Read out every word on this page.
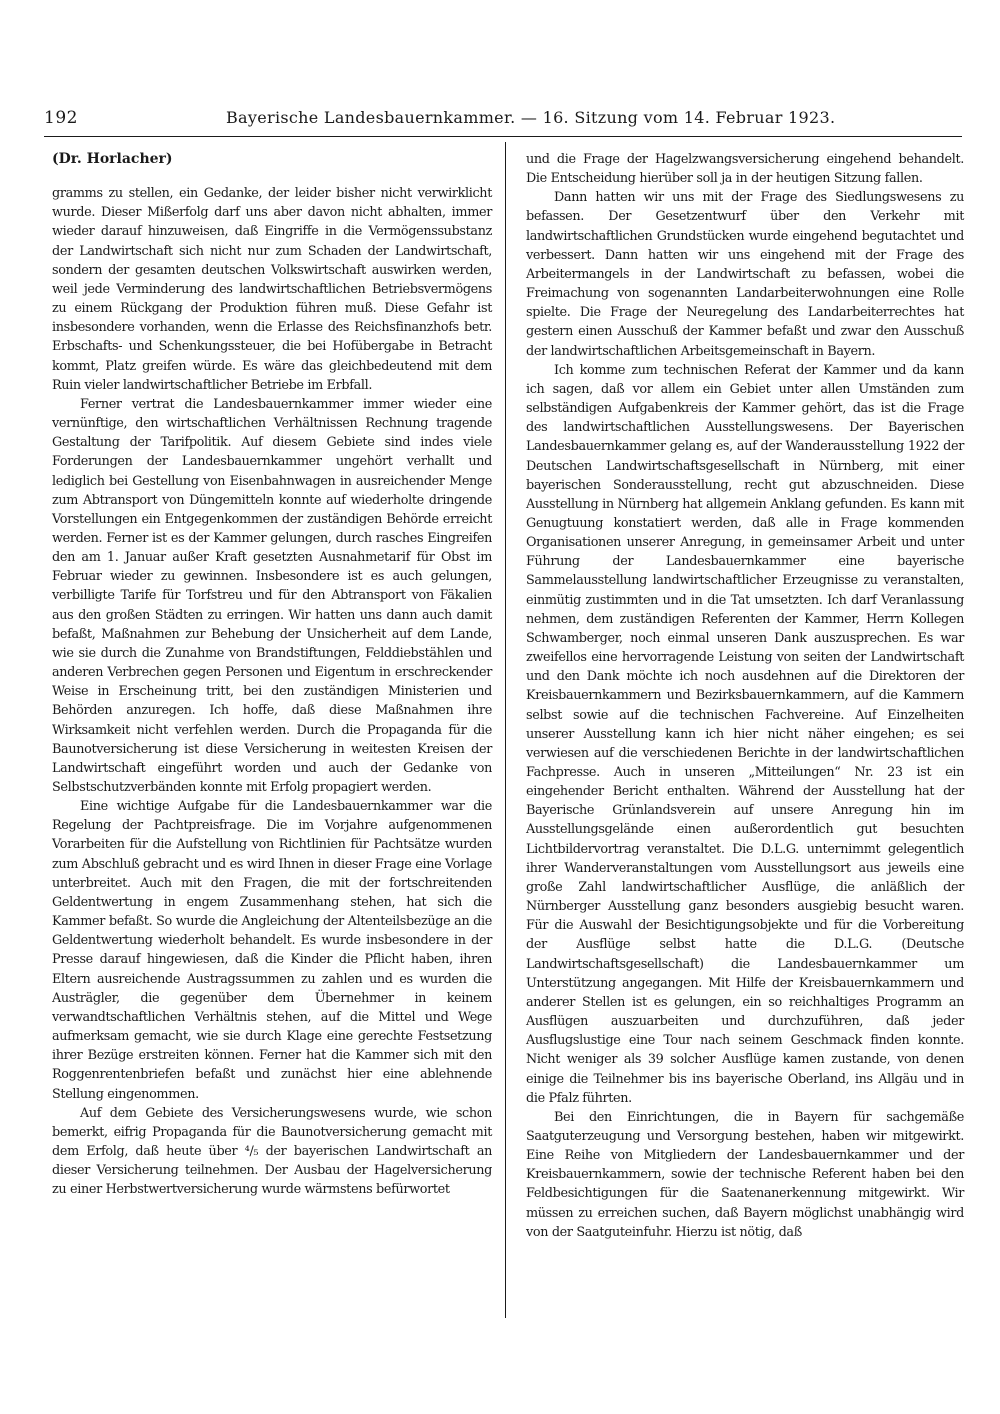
192	Bayerische Landesbauernkammer. — 16. Sitzung vom 14. Februar 1923.
(Dr. Horlacher)

gramms zu stellen, ein Gedanke, der leider bisher nicht verwirklicht wurde. Dieser Mißerfolg darf uns aber davon nicht abhalten, immer wieder darauf hinzuweisen, daß Eingriffe in die Vermögenssubstanz der Landwirtschaft sich nicht nur zum Schaden der Landwirtschaft, sondern der gesamten deutschen Volkswirtschaft auswirken werden, weil jede Verminderung des landwirtschaftlichen Betriebsvermögens zu einem Rückgang der Produktion führen muß. Diese Gefahr ist insbesondere vorhanden, wenn die Erlasse des Reichsfinanzhofs betr. Erbschafts- und Schenkungssteuer, die bei Hofübergabe in Betracht kommt, Platz greifen würde. Es wäre das gleichbedeutend mit dem Ruin vieler landwirtschaftlicher Betriebe im Erbfall.

Ferner vertrat die Landesbauernkammer immer wieder eine vernünftige, den wirtschaftlichen Verhältnissen Rechnung tragende Gestaltung der Tarifpolitik. Auf diesem Gebiete sind indes viele Forderungen der Landesbauernkammer ungehört verhallt und lediglich bei Gestellung von Eisenbahnwagen in ausreichender Menge zum Abtransport von Düngemitteln konnte auf wiederholte dringende Vorstellungen ein Entgegenkommen der zuständigen Behörde erreicht werden. Ferner ist es der Kammer gelungen, durch rasches Eingreifen den am 1. Januar außer Kraft gesetzten Ausnahmetarif für Obst im Februar wieder zu gewinnen. Insbesondere ist es auch gelungen, verbilligte Tarife für Torfstreu und für den Abtransport von Fäkalien aus den großen Städten zu erringen. Wir hatten uns dann auch damit befaßt, Maßnahmen zur Behebung der Unsicherheit auf dem Lande, wie sie durch die Zunahme von Brandstiftungen, Felddiebstählen und anderen Verbrechen gegen Personen und Eigentum in erschreckender Weise in Erscheinung tritt, bei den zuständigen Ministerien und Behörden anzuregen. Ich hoffe, daß diese Maßnahmen ihre Wirksamkeit nicht verfehlen werden. Durch die Propaganda für die Baunotversicherung ist diese Versicherung in weitesten Kreisen der Landwirtschaft eingeführt worden und auch der Gedanke von Selbstschutzverbänden konnte mit Erfolg propagiert werden.

Eine wichtige Aufgabe für die Landesbauernkammer war die Regelung der Pachtpreisfrage. Die im Vorjahre aufgenommenen Vorarbeiten für die Aufstellung von Richtlinien für Pachtsätze wurden zum Abschluß gebracht und es wird Ihnen in dieser Frage eine Vorlage unterbreitet. Auch mit den Fragen, die mit der fortschreitenden Geldentwertung in engem Zusammenhang stehen, hat sich die Kammer befaßt. So wurde die Angleichung der Altenteilsbezüge an die Geldentwertung wiederholt behandelt. Es wurde insbesondere in der Presse darauf hingewiesen, daß die Kinder die Pflicht haben, ihren Eltern ausreichende Austragssummen zu zahlen und es wurden die Austrägler, die gegenüber dem Übernehmer in keinem verwandtschaftlichen Verhältnis stehen, auf die Mittel und Wege aufmerksam gemacht, wie sie durch Klage eine gerechte Festsetzung ihrer Bezüge erstreiten können. Ferner hat die Kammer sich mit den Roggenrentenbriefen befaßt und zunächst hier eine ablehnende Stellung eingenommen.

Auf dem Gebiete des Versicherungswesens wurde, wie schon bemerkt, eifrig Propaganda für die Baunotversicherung gemacht mit dem Erfolg, daß heute über ⁴/₅ der bayerischen Landwirtschaft an dieser Versicherung teilnehmen. Der Ausbau der Hagelversicherung zu einer Herbstwertversicherung wurde wärmstens befürwortet

und die Frage der Hagelzwangsversicherung eingehend behandelt. Die Entscheidung hierüber soll ja in der heutigen Sitzung fallen.

Dann hatten wir uns mit der Frage des Siedlungswesens zu befassen. Der Gesetzentwurf über den Verkehr mit landwirtschaftlichen Grundstücken wurde eingehend begutachtet und verbessert. Dann hatten wir uns eingehend mit der Frage des Arbeitermangels in der Landwirtschaft zu befassen, wobei die Freimachung von sogenannten Landarbeiterwohnungen eine Rolle spielte. Die Frage der Neuregelung des Landarbeiterrechtes hat gestern einen Ausschuß der Kammer befaßt und zwar den Ausschuß der landwirtschaftlichen Arbeitsgemeinschaft in Bayern.

Ich komme zum technischen Referat der Kammer und da kann ich sagen, daß vor allem ein Gebiet unter allen Umständen zum selbständigen Aufgabenkreis der Kammer gehört, das ist die Frage des landwirtschaftlichen Ausstellungswesens. Der Bayerischen Landesbauernkammer gelang es, auf der Wanderausstellung 1922 der Deutschen Landwirtschaftsgesellschaft in Nürnberg, mit einer bayerischen Sonderausstellung, recht gut abzuschneiden. Diese Ausstellung in Nürnberg hat allgemein Anklang gefunden. Es kann mit Genugtuung konstatiert werden, daß alle in Frage kommenden Organisationen unserer Anregung, in gemeinsamer Arbeit und unter Führung der Landesbauernkammer eine bayerische Sammelausstellung landwirtschaftlicher Erzeugnisse zu veranstalten, einmütig zustimmten und in die Tat umsetzten. Ich darf Veranlassung nehmen, dem zuständigen Referenten der Kammer, Herrn Kollegen Schwamberger, noch einmal unseren Dank auszusprechen. Es war zweifellos eine hervorragende Leistung von seiten der Landwirtschaft und den Dank möchte ich noch ausdehnen auf die Direktoren der Kreisbauernkammern und Bezirksbauernkammern, auf die Kammern selbst sowie auf die technischen Fachvereine. Auf Einzelheiten unserer Ausstellung kann ich hier nicht näher eingehen; es sei verwiesen auf die verschiedenen Berichte in der landwirtschaftlichen Fachpresse. Auch in unseren „Mitteilungen“ Nr. 23 ist ein eingehender Bericht enthalten. Während der Ausstellung hat der Bayerische Grünlandsverein auf unsere Anregung hin im Ausstellungsgelände einen außerordentlich gut besuchten Lichtbildervortrag veranstaltet. Die D.L.G. unternimmt gelegentlich ihrer Wanderveranstaltungen vom Ausstellungsort aus jeweils eine große Zahl landwirtschaftlicher Ausflüge, die anläßlich der Nürnberger Ausstellung ganz besonders ausgiebig besucht waren. Für die Auswahl der Besichtigungsobjekte und für die Vorbereitung der Ausflüge selbst hatte die D.L.G. (Deutsche Landwirtschaftsgesellschaft) die Landesbauernkammer um Unterstützung angegangen. Mit Hilfe der Kreisbauernkammern und anderer Stellen ist es gelungen, ein so reichhaltiges Programm an Ausflügen auszuarbeiten und durchzuführen, daß jeder Ausflugslustige eine Tour nach seinem Geschmack finden konnte. Nicht weniger als 39 solcher Ausflüge kamen zustande, von denen einige die Teilnehmer bis ins bayerische Oberland, ins Allgäu und in die Pfalz führten.

Bei den Einrichtungen, die in Bayern für sachgemäße Saatguterzeugung und Versorgung bestehen, haben wir mitgewirkt. Eine Reihe von Mitgliedern der Landesbauernkammer und der Kreisbauernkammern, sowie der technische Referent haben bei den Feldbesichtigungen für die Saatenanerkennung mitgewirkt. Wir müssen zu erreichen suchen, daß Bayern möglichst unabhängig wird von der Saatguteinfuhr. Hierzu ist nötig, daß
